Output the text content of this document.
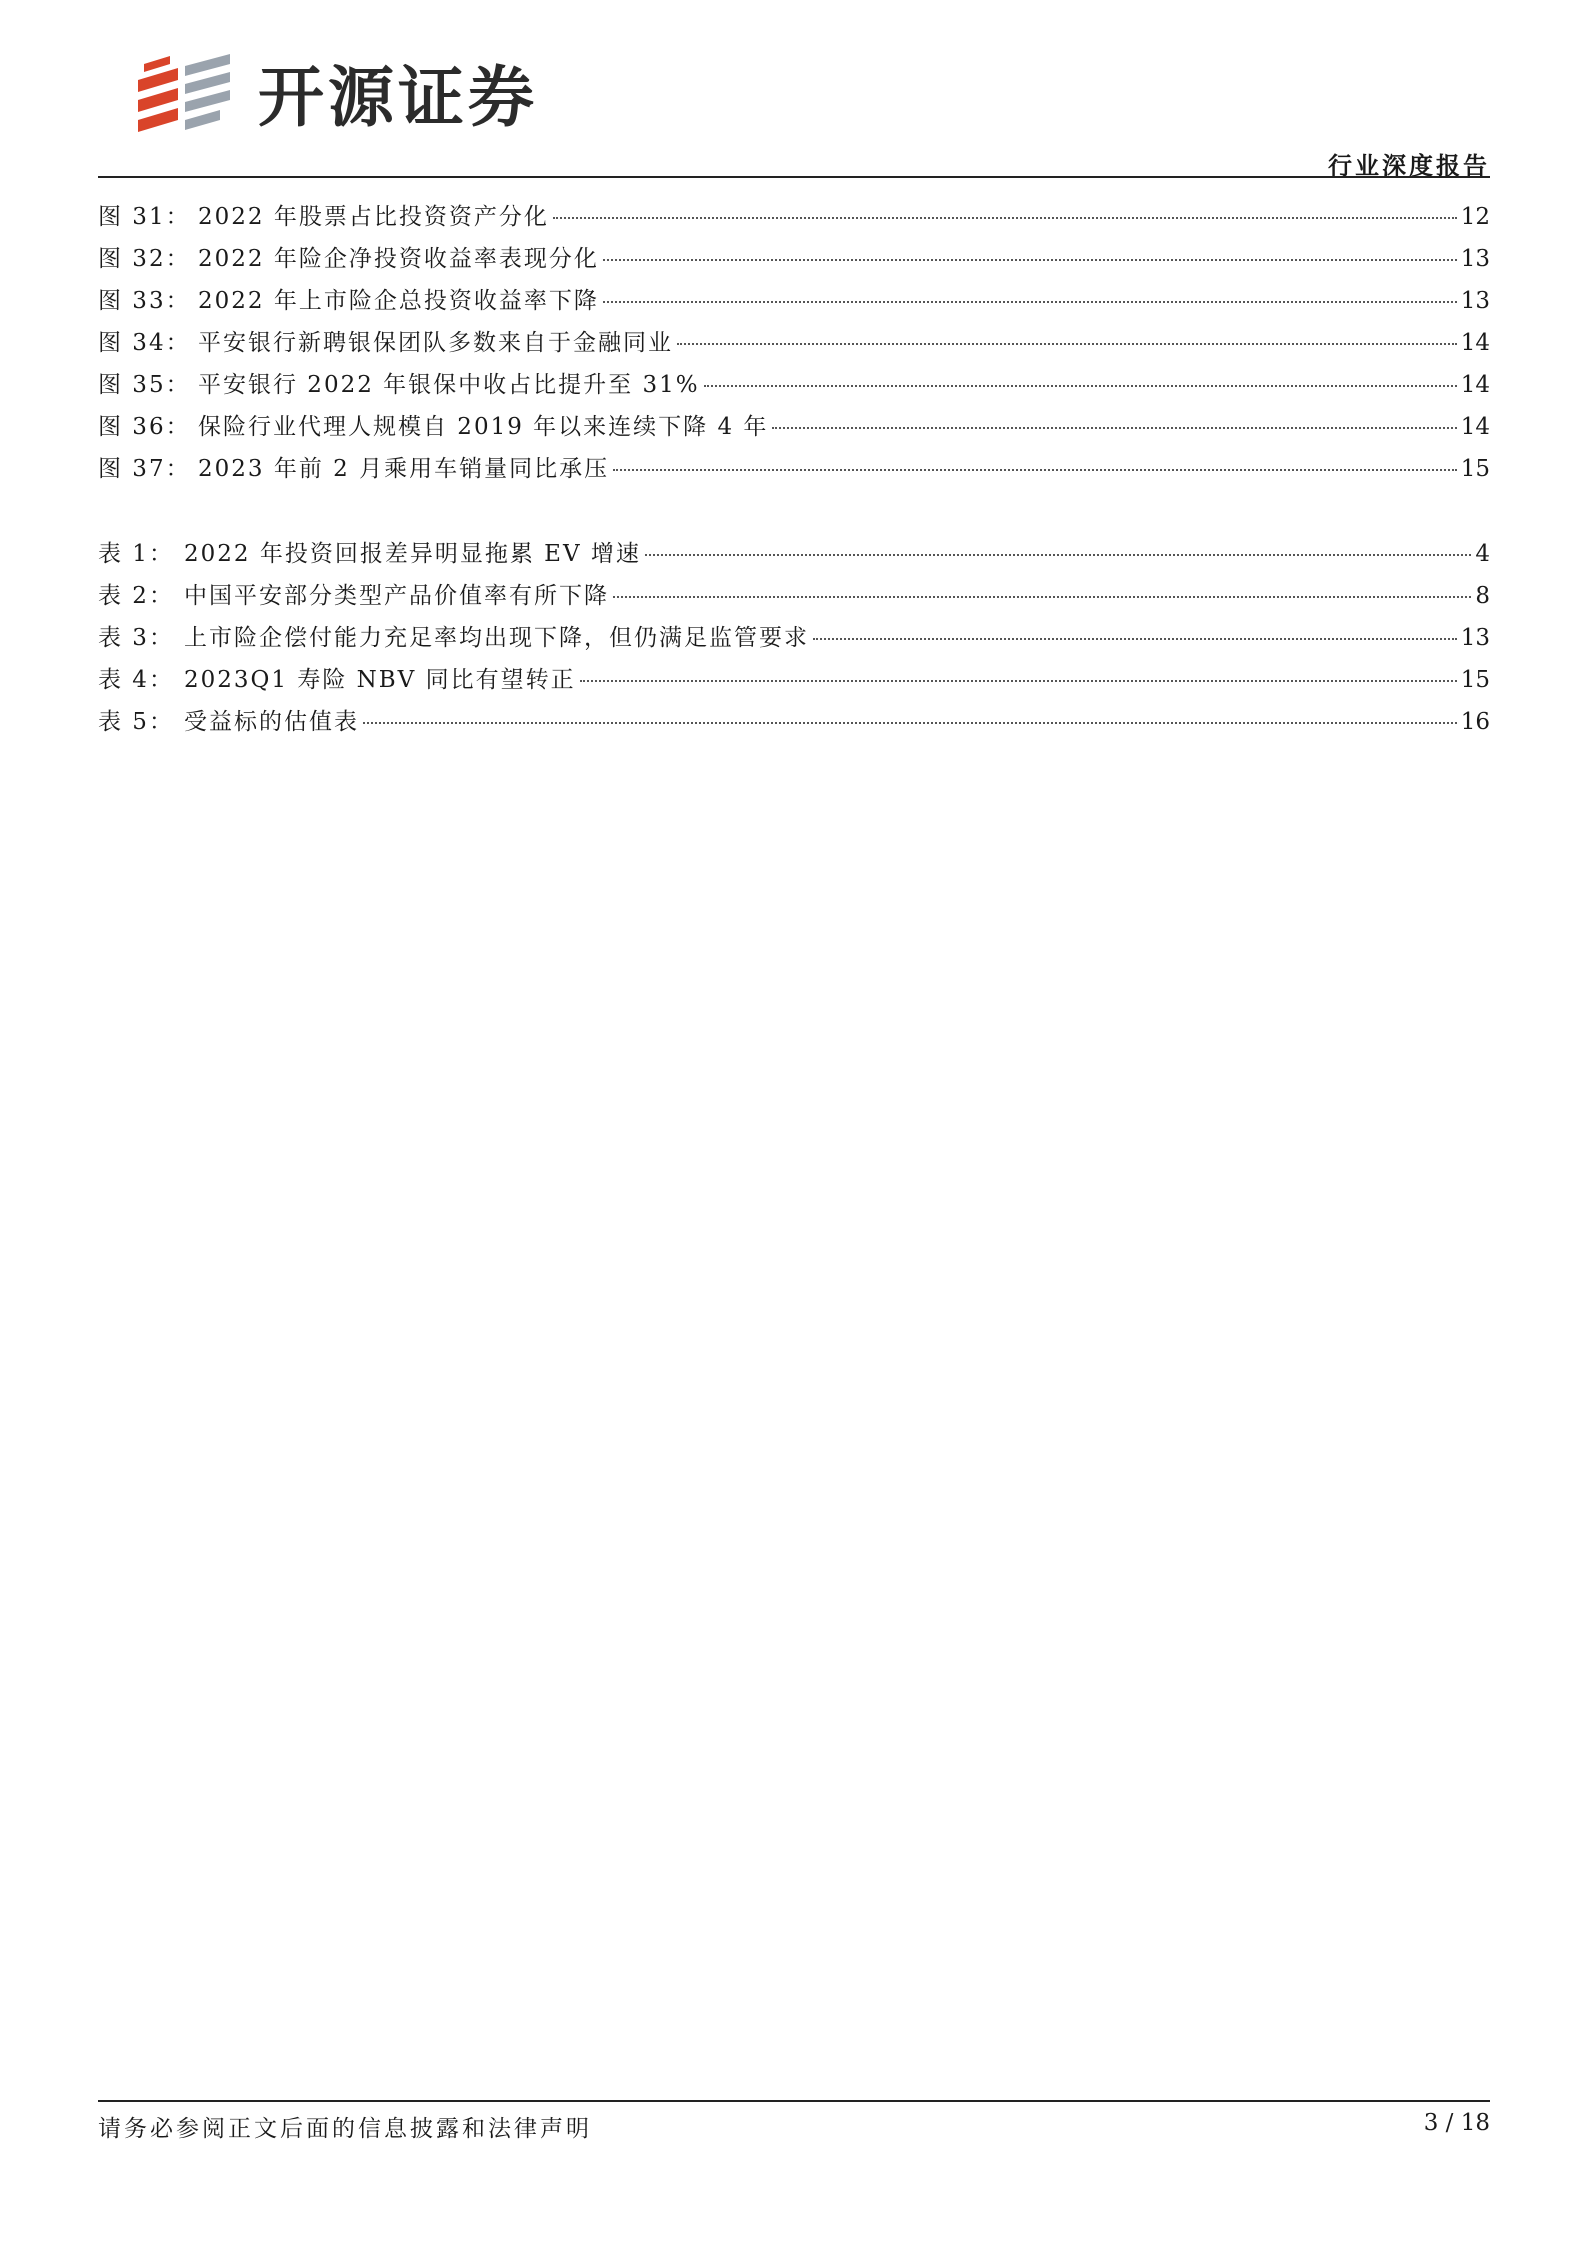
开源证券
行业深度报告
图 31： 2022 年股票占比投资资产分化	12
图 32： 2022 年险企净投资收益率表现分化	13
图 33： 2022 年上市险企总投资收益率下降	13
图 34： 平安银行新聘银保团队多数来自于金融同业	14
图 35： 平安银行 2022 年银保中收占比提升至 31%	14
图 36： 保险行业代理人规模自 2019 年以来连续下降 4 年	14
图 37： 2023 年前 2 月乘用车销量同比承压	15
表 1： 2022 年投资回报差异明显拖累 EV 增速	4
表 2： 中国平安部分类型产品价值率有所下降	8
表 3： 上市险企偿付能力充足率均出现下降，但仍满足监管要求	13
表 4： 2023Q1 寿险 NBV 同比有望转正	15
表 5： 受益标的估值表	16
请务必参阅正文后面的信息披露和法律声明	3 / 18
